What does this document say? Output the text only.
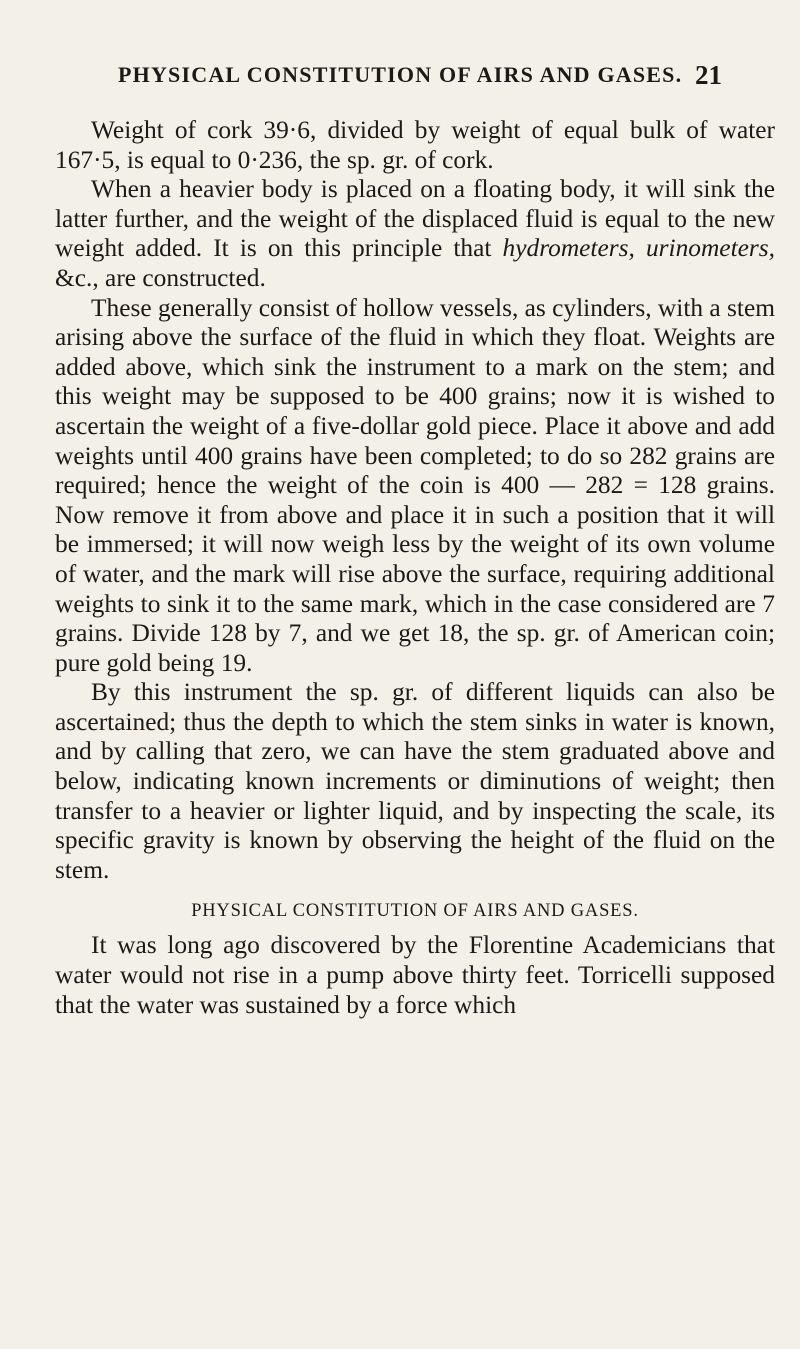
PHYSICAL CONSTITUTION OF AIRS AND GASES. 21

Weight of cork 39·6, divided by weight of equal bulk of water 167·5, is equal to 0·236, the sp. gr. of cork.

When a heavier body is placed on a floating body, it will sink the latter further, and the weight of the displaced fluid is equal to the new weight added. It is on this principle that hydrometers, urinometers, &c., are constructed.

These generally consist of hollow vessels, as cylinders, with a stem arising above the surface of the fluid in which they float. Weights are added above, which sink the instrument to a mark on the stem; and this weight may be supposed to be 400 grains; now it is wished to ascertain the weight of a five-dollar gold piece. Place it above and add weights until 400 grains have been completed; to do so 282 grains are required; hence the weight of the coin is 400 — 282 = 128 grains. Now remove it from above and place it in such a position that it will be immersed; it will now weigh less by the weight of its own volume of water, and the mark will rise above the surface, requiring additional weights to sink it to the same mark, which in the case considered are 7 grains. Divide 128 by 7, and we get 18, the sp. gr. of American coin; pure gold being 19.

By this instrument the sp. gr. of different liquids can also be ascertained; thus the depth to which the stem sinks in water is known, and by calling that zero, we can have the stem graduated above and below, indicating known increments or diminutions of weight; then transfer to a heavier or lighter liquid, and by inspecting the scale, its specific gravity is known by observing the height of the fluid on the stem.

PHYSICAL CONSTITUTION OF AIRS AND GASES.

It was long ago discovered by the Florentine Academicians that water would not rise in a pump above thirty feet. Torricelli supposed that the water was sustained by a force which
